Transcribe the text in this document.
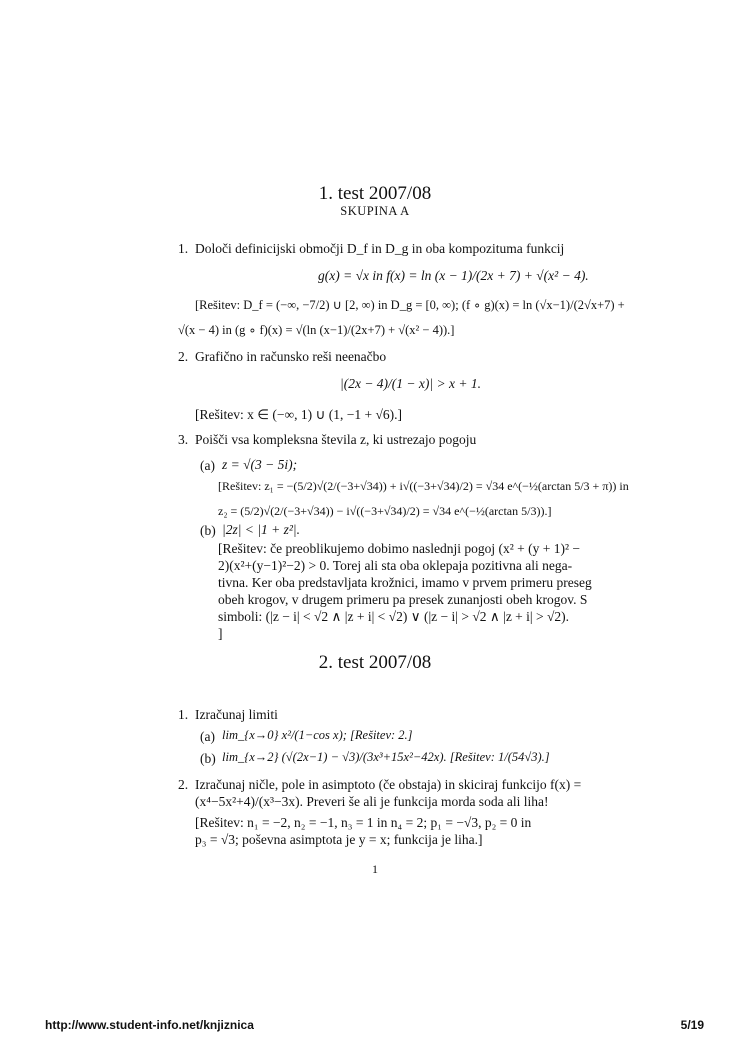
1. test 2007/08
SKUPINA A
1. Določi definicijski območji D_f in D_g in oba kompozituma funkcij
g(x) = √x in f(x) = ln (x − 1)/(2x + 7) + √(x² − 4).
[Rešitev: D_f = (−∞, −7/2) ∪ [2, ∞) in D_g = [0, ∞); (f ∘ g)(x) = ln (√x−1)/(2√x+7) +
√(x − 4) in (g ∘ f)(x) = √(ln (x−1)/(2x+7) + √(x² − 4)).]
2. Grafično in računsko reši neenačbo
|(2x − 4)/(1 − x)| > x + 1.
[Rešitev: x ∈ (−∞, 1) ∪ (1, −1 + √6).]
3. Poišči vsa kompleksna števila z, ki ustrezajo pogoju
(a) z = √(3 − 5i);
[Rešitev: z₁ = −(5/2)√(2/(−3+√34)) + i√((−3+√34)/2) = √34 e^(−½(arctan 5/3 + π)) in
z₂ = (5/2)√(2/(−3+√34)) − i√((−3+√34)/2) = √34 e^(−½(arctan 5/3)).]
(b) |2z| < |1 + z²|.
[Rešitev: če preoblikujemo dobimo naslednji pogoj (x² + (y + 1)² −
2)(x²+(y−1)²−2) > 0. Torej ali sta oba oklepaja pozitivna ali nega-
tivna. Ker oba predstavljata krožnici, imamo v prvem primeru preseg
obeh krogov, v drugem primeru pa presek zunanjosti obeh krogov. S
simboli: (|z − i| < √2 ∧ |z + i| < √2) ∨ (|z − i| > √2 ∧ |z + i| > √2).
]
2. test 2007/08
1. Izračunaj limiti
(a) lim_{x→0} x²/(1−cos x); [Rešitev: 2.]
(b) lim_{x→2} (√(2x−1) − √3)/(3x³+15x²−42x). [Rešitev: 1/(54√3).]
2. Izračunaj ničle, pole in asimptoto (če obstaja) in skiciraj funkcijo f(x) =
(x⁴−5x²+4)/(x³−3x). Preveri še ali je funkcija morda soda ali liha!
[Rešitev: n₁ = −2, n₂ = −1, n₃ = 1 in n₄ = 2; p₁ = −√3, p₂ = 0 in
p₃ = √3; poševna asimptota je y = x; funkcija je liha.]
1
http://www.student-info.net/knjiznica	5/19
